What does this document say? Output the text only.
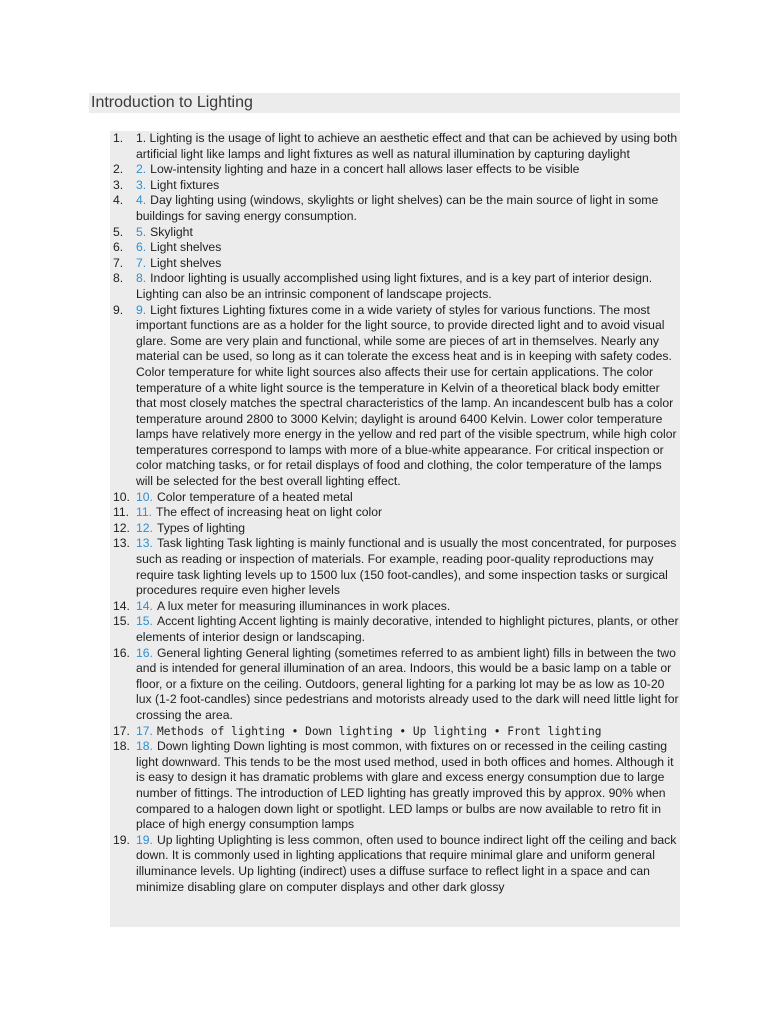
Introduction to Lighting
1. 1. Lighting is the usage of light to achieve an aesthetic effect and that can be achieved by using both artificial light like lamps and light fixtures as well as natural illumination by capturing daylight
2. 2. Low-intensity lighting and haze in a concert hall allows laser effects to be visible
3. 3. Light fixtures
4. 4. Day lighting using (windows, skylights or light shelves) can be the main source of light in some buildings for saving energy consumption.
5. 5. Skylight
6. 6. Light shelves
7. 7. Light shelves
8. 8. Indoor lighting is usually accomplished using light fixtures, and is a key part of interior design. Lighting can also be an intrinsic component of landscape projects.
9. 9. Light fixtures Lighting fixtures come in a wide variety of styles for various functions. The most important functions are as a holder for the light source, to provide directed light and to avoid visual glare. Some are very plain and functional, while some are pieces of art in themselves. Nearly any material can be used, so long as it can tolerate the excess heat and is in keeping with safety codes. Color temperature for white light sources also affects their use for certain applications. The color temperature of a white light source is the temperature in Kelvin of a theoretical black body emitter that most closely matches the spectral characteristics of the lamp. An incandescent bulb has a color temperature around 2800 to 3000 Kelvin; daylight is around 6400 Kelvin. Lower color temperature lamps have relatively more energy in the yellow and red part of the visible spectrum, while high color temperatures correspond to lamps with more of a blue-white appearance. For critical inspection or color matching tasks, or for retail displays of food and clothing, the color temperature of the lamps will be selected for the best overall lighting effect.
10. 10. Color temperature of a heated metal
11. 11. The effect of increasing heat on light color
12. 12. Types of lighting
13. 13. Task lighting Task lighting is mainly functional and is usually the most concentrated, for purposes such as reading or inspection of materials. For example, reading poor-quality reproductions may require task lighting levels up to 1500 lux (150 foot-candles), and some inspection tasks or surgical procedures require even higher levels
14. 14. A lux meter for measuring illuminances in work places.
15. 15. Accent lighting Accent lighting is mainly decorative, intended to highlight pictures, plants, or other elements of interior design or landscaping.
16. 16. General lighting General lighting (sometimes referred to as ambient light) fills in between the two and is intended for general illumination of an area. Indoors, this would be a basic lamp on a table or floor, or a fixture on the ceiling. Outdoors, general lighting for a parking lot may be as low as 10-20 lux (1-2 foot-candles) since pedestrians and motorists already used to the dark will need little light for crossing the area.
17. 17. Methods of lighting • Down lighting • Up lighting • Front lighting
18. 18. Down lighting Down lighting is most common, with fixtures on or recessed in the ceiling casting light downward. This tends to be the most used method, used in both offices and homes. Although it is easy to design it has dramatic problems with glare and excess energy consumption due to large number of fittings. The introduction of LED lighting has greatly improved this by approx. 90% when compared to a halogen down light or spotlight. LED lamps or bulbs are now available to retro fit in place of high energy consumption lamps
19. 19. Up lighting Uplighting is less common, often used to bounce indirect light off the ceiling and back down. It is commonly used in lighting applications that require minimal glare and uniform general illuminance levels. Up lighting (indirect) uses a diffuse surface to reflect light in a space and can minimize disabling glare on computer displays and other dark glossy
